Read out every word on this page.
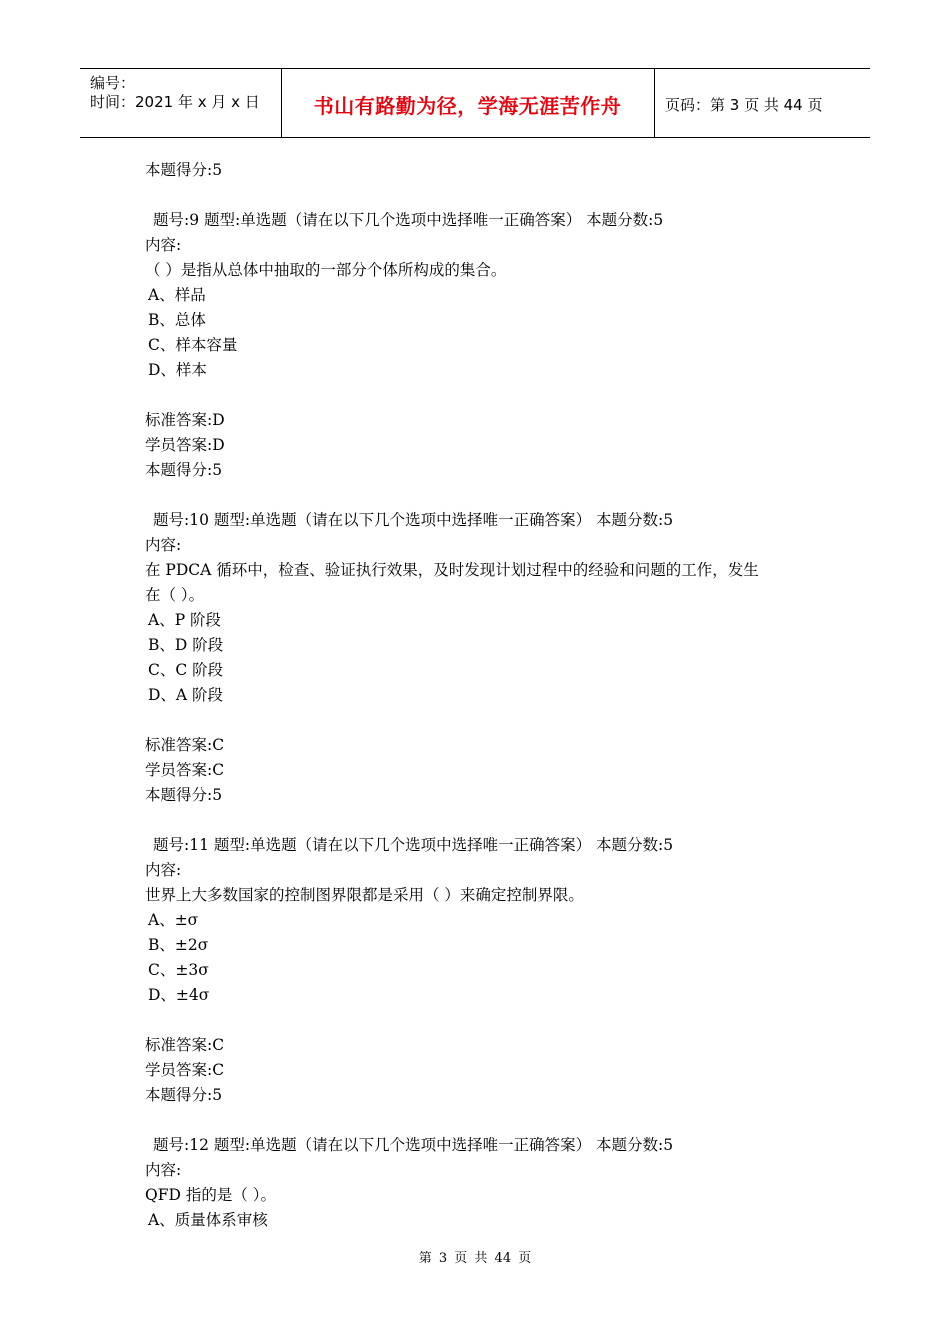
编号：
时间：2021 年 x 月 x 日	书山有路勤为径，学海无涯苦作舟	页码：第 3 页 共 44 页
本题得分:5
题号:9 题型:单选题（请在以下几个选项中选择唯一正确答案） 本题分数:5
内容:
（ ）是指从总体中抽取的一部分个体所构成的集合。
A、样品
B、总体
C、样本容量
D、样本
标准答案:D
学员答案:D
本题得分:5
题号:10 题型:单选题（请在以下几个选项中选择唯一正确答案） 本题分数:5
内容:
在 PDCA 循环中，检查、验证执行效果，及时发现计划过程中的经验和问题的工作，发生
在（ ）。
A、P 阶段
B、D 阶段
C、C 阶段
D、A 阶段
标准答案:C
学员答案:C
本题得分:5
题号:11 题型:单选题（请在以下几个选项中选择唯一正确答案） 本题分数:5
内容:
世界上大多数国家的控制图界限都是采用（ ）来确定控制界限。
A、±σ
B、±2σ
C、±3σ
D、±4σ
标准答案:C
学员答案:C
本题得分:5
题号:12 题型:单选题（请在以下几个选项中选择唯一正确答案） 本题分数:5
内容:
QFD 指的是（ ）。
A、质量体系审核
第 3 页 共 44 页
